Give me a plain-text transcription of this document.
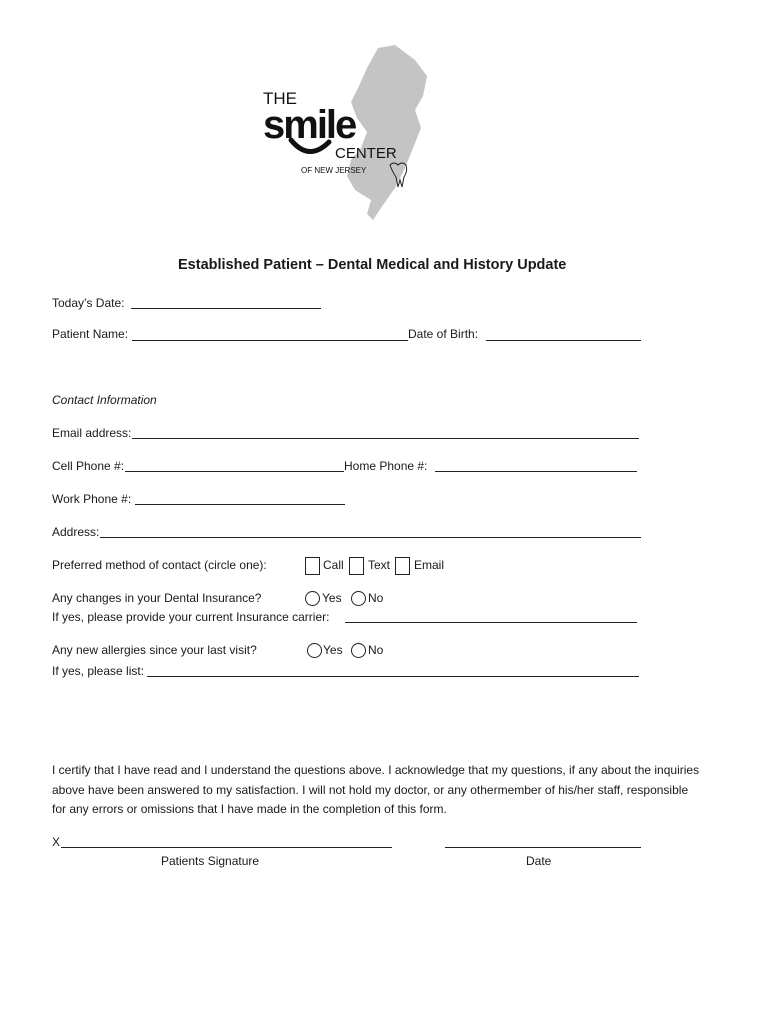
THE
smile
CENTER
OF NEW JERSEY
Established Patient – Dental Medical and History Update
Today’s Date:
Patient Name:	Date of Birth:
Contact Information
Email address:
Cell Phone #:	Home Phone #:
Work Phone #:
Address:
Preferred method of contact (circle one):	Call Text Email
Any changes in your Dental Insurance?	Yes No
If yes, please provide your current Insurance carrier:
Any new allergies since your last visit?	Yes No
If yes, please list:
I certify that I have read and I understand the questions above. I acknowledge that my questions, if any about the inquiries above have been answered to my satisfaction. I will not hold my doctor, or any othermember of his/her staff, responsible for any errors or omissions that I have made in the completion of this form.
X
Patients Signature	Date
